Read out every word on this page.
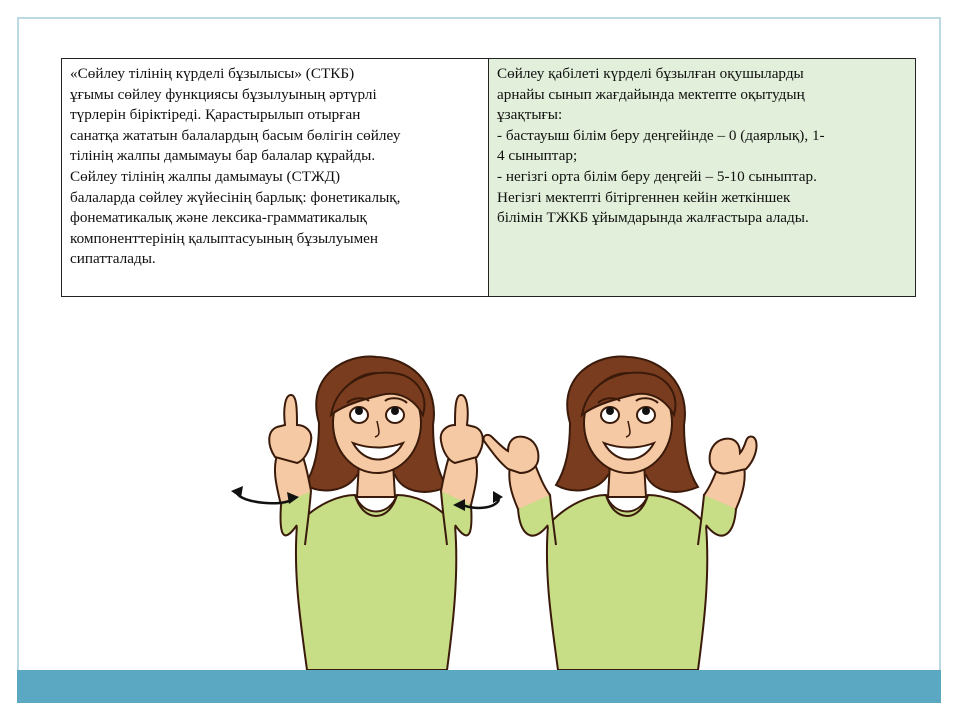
«Сөйлеу тілінің күрделі бұзылысы» (СТКБ)

ұғымы сөйлеу функциясы бұзылуының әртүрлі

түрлерін біріктіреді. Қарастырылып отырған

санатқа жататын балалардың басым бөлігін сөйлеу

тілінің жалпы дамымауы бар балалар құрайды.

Сөйлеу тілінің жалпы дамымауы (СТЖД)

балаларда сөйлеу жүйесінің барлық: фонетикалық,

фонематикалық және лексика-грамматикалық

компоненттерінің қалыптасуының бұзылуымен

сипатталады.

Сөйлеу қабілеті күрделі бұзылған оқушыларды

арнайы сынып жағдайында мектепте оқытудың

ұзақтығы:

- бастауыш білім беру деңгейінде – 0 (даярлық), 1-

4 сыныптар;

- негізгі орта білім беру деңгейі – 5-10 сыныптар.

Негізгі мектепті бітіргеннен кейін жеткіншек

білімін ТЖКБ ұйымдарында жалғастыра алады.
